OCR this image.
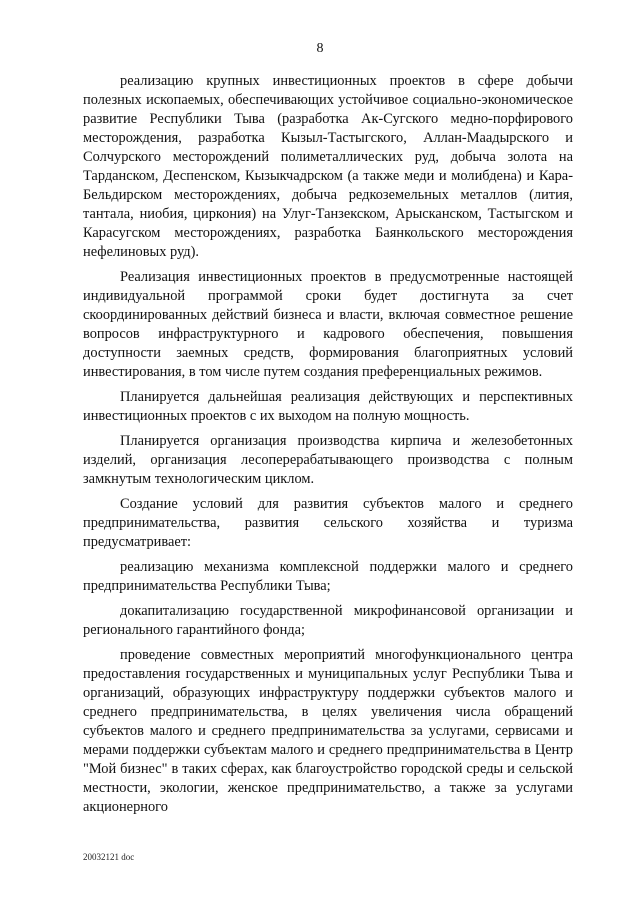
8

реализацию крупных инвестиционных проектов в сфере добычи полезных ископаемых, обеспечивающих устойчивое социально-экономическое развитие Республики Тыва (разработка Ак-Сугского медно-порфирового месторождения, разработка Кызыл-Тастыгского, Аллан-Маадырского и Солчурского месторождений полиметаллических руд, добыча золота на Тарданском, Деспенском, Кызыкчадрском (а также меди и молибдена) и Кара-Бельдирском месторождениях, добыча редкоземельных металлов (лития, тантала, ниобия, циркония) на Улуг-Танзекском, Арысканском, Тастыгском и Карасугском месторождениях, разработка Баянкольского месторождения нефелиновых руд).

Реализация инвестиционных проектов в предусмотренные настоящей индивидуальной программой сроки будет достигнута за счет скоординированных действий бизнеса и власти, включая совместное решение вопросов инфраструктурного и кадрового обеспечения, повышения доступности заемных средств, формирования благоприятных условий инвестирования, в том числе путем создания преференциальных режимов.

Планируется дальнейшая реализация действующих и перспективных инвестиционных проектов с их выходом на полную мощность.

Планируется организация производства кирпича и железобетонных изделий, организация лесоперерабатывающего производства с полным замкнутым технологическим циклом.

Создание условий для развития субъектов малого и среднего предпринимательства, развития сельского хозяйства и туризма предусматривает:

реализацию механизма комплексной поддержки малого и среднего предпринимательства Республики Тыва;

докапитализацию государственной микрофинансовой организации и регионального гарантийного фонда;

проведение совместных мероприятий многофункционального центра предоставления государственных и муниципальных услуг Республики Тыва и организаций, образующих инфраструктуру поддержки субъектов малого и среднего предпринимательства, в целях увеличения числа обращений субъектов малого и среднего предпринимательства за услугами, сервисами и мерами поддержки субъектам малого и среднего предпринимательства в Центр "Мой бизнес" в таких сферах, как благоустройство городской среды и сельской местности, экологии, женское предпринимательство, а также за услугами акционерного

20032121 doc
